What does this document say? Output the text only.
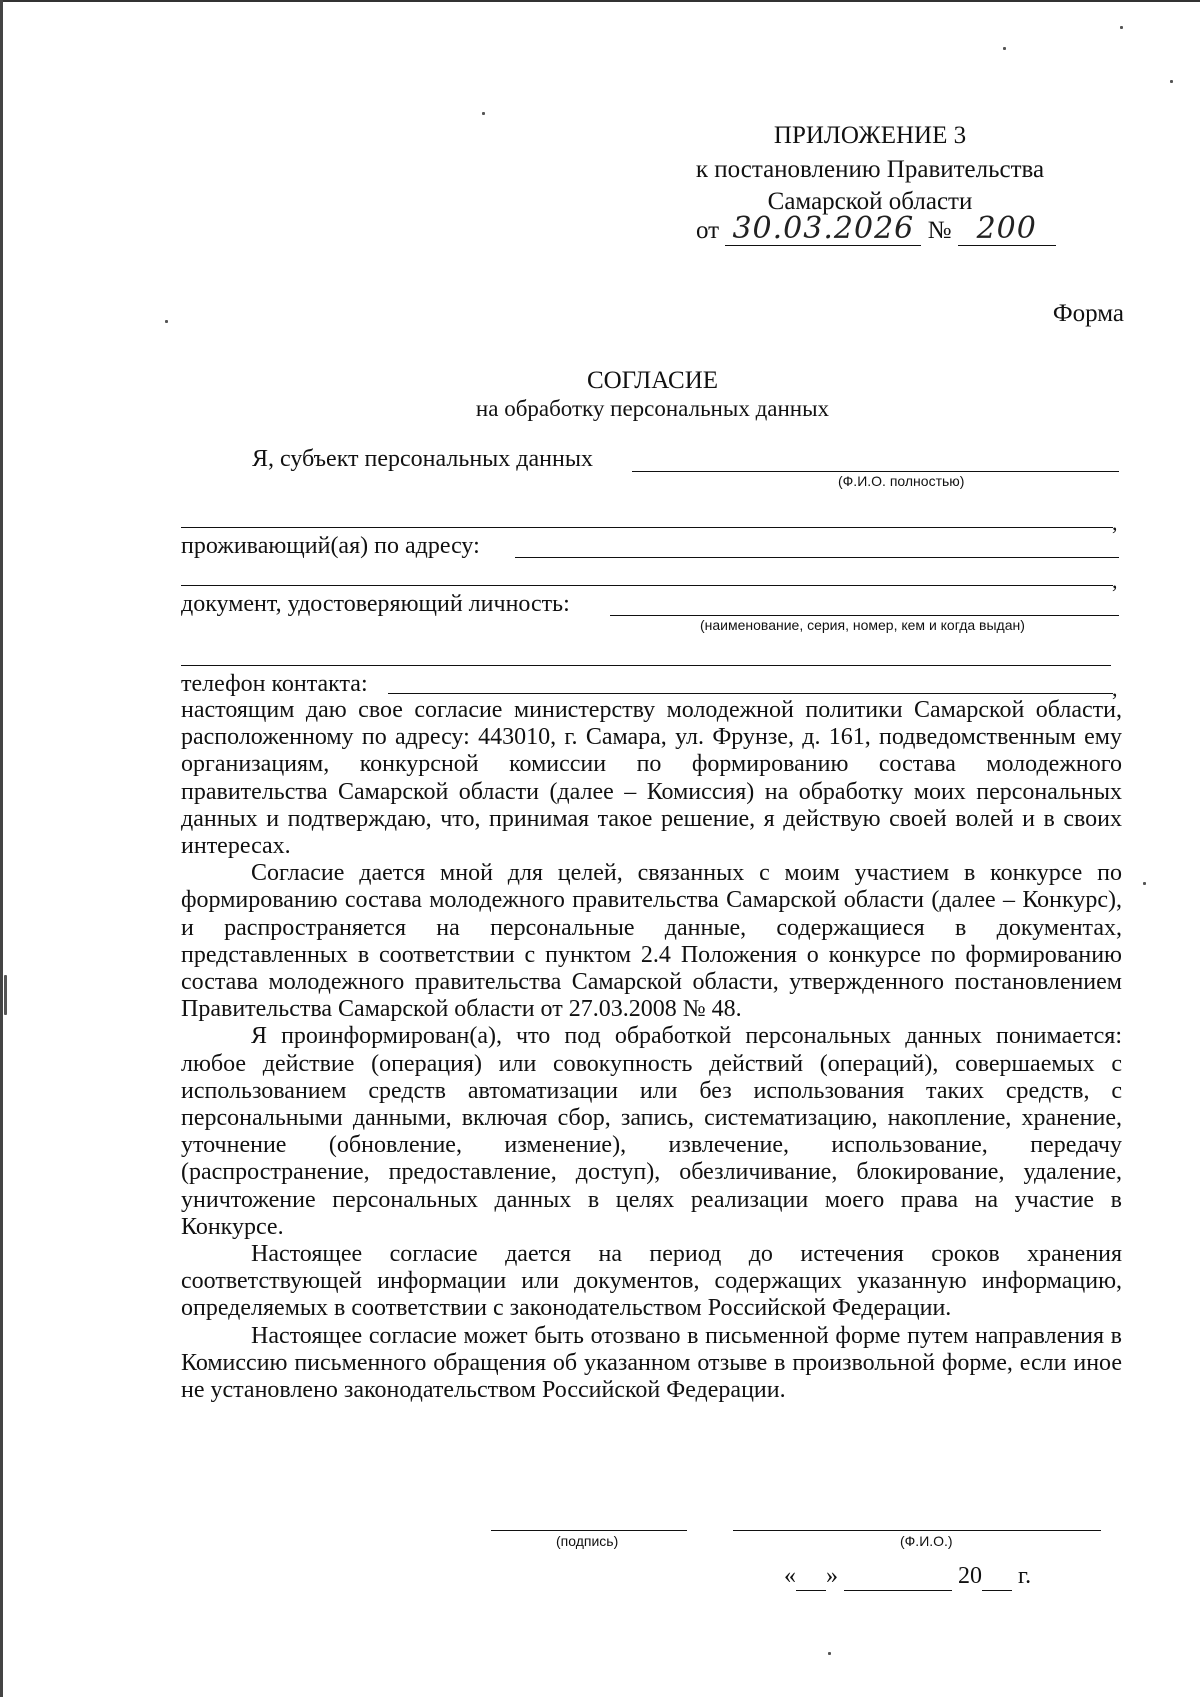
ПРИЛОЖЕНИЕ 3
к постановлению Правительства
Самарской области
от 30.03.2026 № 200
Форма
СОГЛАСИЕ
на обработку персональных данных
Я, субъект персональных данных
(Ф.И.О. полностью)
,
проживающий(ая) по адресу:
,
документ, удостоверяющий личность:
(наименование, серия, номер, кем и когда выдан)
телефон контакта:	,

настоящим даю свое согласие министерству молодежной политики Самарской области, расположенному по адресу: 443010, г. Самара, ул. Фрунзе, д. 161, подведомственным ему организациям, конкурсной комиссии по формированию состава молодежного правительства Самарской области (далее – Комиссия) на обработку моих персональных данных и подтверждаю, что, принимая такое решение, я действую своей волей и в своих интересах.

Согласие дается мной для целей, связанных с моим участием в конкурсе по формированию состава молодежного правительства Самарской области (далее – Конкурс), и распространяется на персональные данные, содержащиеся в документах, представленных в соответствии с пунктом 2.4 Положения о конкурсе по формированию состава молодежного правительства Самарской области, утвержденного постановлением Правительства Самарской области от 27.03.2008 № 48.

Я проинформирован(а), что под обработкой персональных данных понимается: любое действие (операция) или совокупность действий (операций), совершаемых с использованием средств автоматизации или без использования таких средств, с персональными данными, включая сбор, запись, систематизацию, накопление, хранение, уточнение (обновление, изменение), извлечение, использование, передачу (распространение, предоставление, доступ), обезличивание, блокирование, удаление, уничтожение персональных данных в целях реализации моего права на участие в Конкурсе.

Настоящее согласие дается на период до истечения сроков хранения соответствующей информации или документов, содержащих указанную информацию, определяемых в соответствии с законодательством Российской Федерации.

Настоящее согласие может быть отозвано в письменной форме путем направления в Комиссию письменного обращения об указанном отзыве в произвольной форме, если иное не установлено законодательством Российской Федерации.

(подпись)	(Ф.И.О.)
« »	20 г.
